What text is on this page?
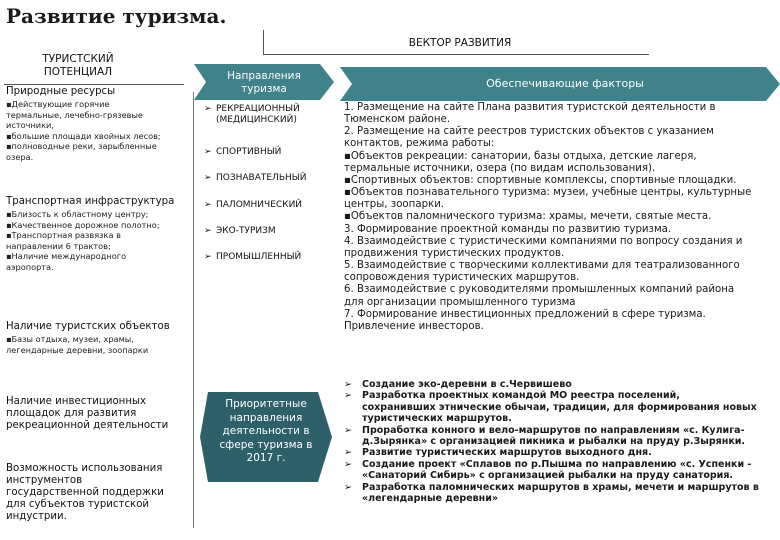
Развитие туризма.
ВЕКТОР РАЗВИТИЯ
ТУРИСТСКИЙ
ПОТЕНЦИАЛ	Направления
туризма	Обеспечивающие факторы
Природные ресурсы
▪Действующие горячие
термальные, лечебно-грязевые
источники,
▪большие площади хвойных лесов;
▪полноводные реки, зарыбленные
озера.
Транспортная инфраструктура
▪Близость к областному центру;
▪Качественное дорожное полотно;
▪Транспортная развязка в
направлении 6 трактов;
▪Наличие международного
аэропорта.
Наличие туристских объектов
▪Базы отдыха, музеи, храмы,
легендарные деревни, зоопарки
Наличие инвестиционных
площадок для развития
рекреационной деятельности
Возможность использования
инструментов
государственной поддержки
для субъектов туристской
индустрии.
➢ РЕКРЕАЦИОННЫЙ
(МЕДИЦИНСКИЙ)
➢ СПОРТИВНЫЙ
➢ ПОЗНАВАТЕЛЬНЫЙ
➢ ПАЛОМНИЧЕСКИЙ
➢ ЭКО-ТУРИЗМ
➢ ПРОМЫШЛЕННЫЙ
1. Размещение на сайте Плана развития туристской деятельности в
Тюменском районе.
2. Размещение на сайте реестров туристских объектов с указанием
контактов, режима работы:
▪Объектов рекреации: санатории, базы отдыха, детские лагеря,
термальные источники, озера (по видам использования).
▪Спортивных объектов: спортивные комплексы, спортивные площадки.
▪Объектов познавательного туризма: музеи, учебные центры, культурные
центры, зоопарки.
▪Объектов паломнического туризма: храмы, мечети, святые места.
3. Формирование проектной команды по развитию туризма.
4. Взаимодействие с туристическими компаниями по вопросу создания и
продвижения туристических продуктов.
5. Взаимодействие с творческими коллективами для театрализованного
сопровождения туристических маршрутов.
6. Взаимодействие с руководителями промышленных компаний района
для организации промышленного туризма
7. Формирование инвестиционных предложений в сфере туризма.
Привлечение инвесторов.
Приоритетные
направления
деятельности в
сфере туризма в
2017 г.
➢ Создание эко-деревни в с.Червишево
➢ Разработка проектных командой МО реестра поселений,
сохранивших этнические обычаи, традиции, для формирования новых
туристических маршрутов.
➢ Проработка конного и вело-маршрутов по направлениям «с. Кулига-
д.Зырянка» с организацией пикника и рыбалки на пруду р.Зырянки.
➢ Развитие туристических маршрутов выходного дня.
➢ Создание проект «Сплавов по р.Пышма по направлению «с. Успенки -
«Санаторий Сибирь» с организацией рыбалки на пруду санатория.
➢ Разработка паломнических маршрутов в храмы, мечети и маршрутов в
«легендарные деревни»
